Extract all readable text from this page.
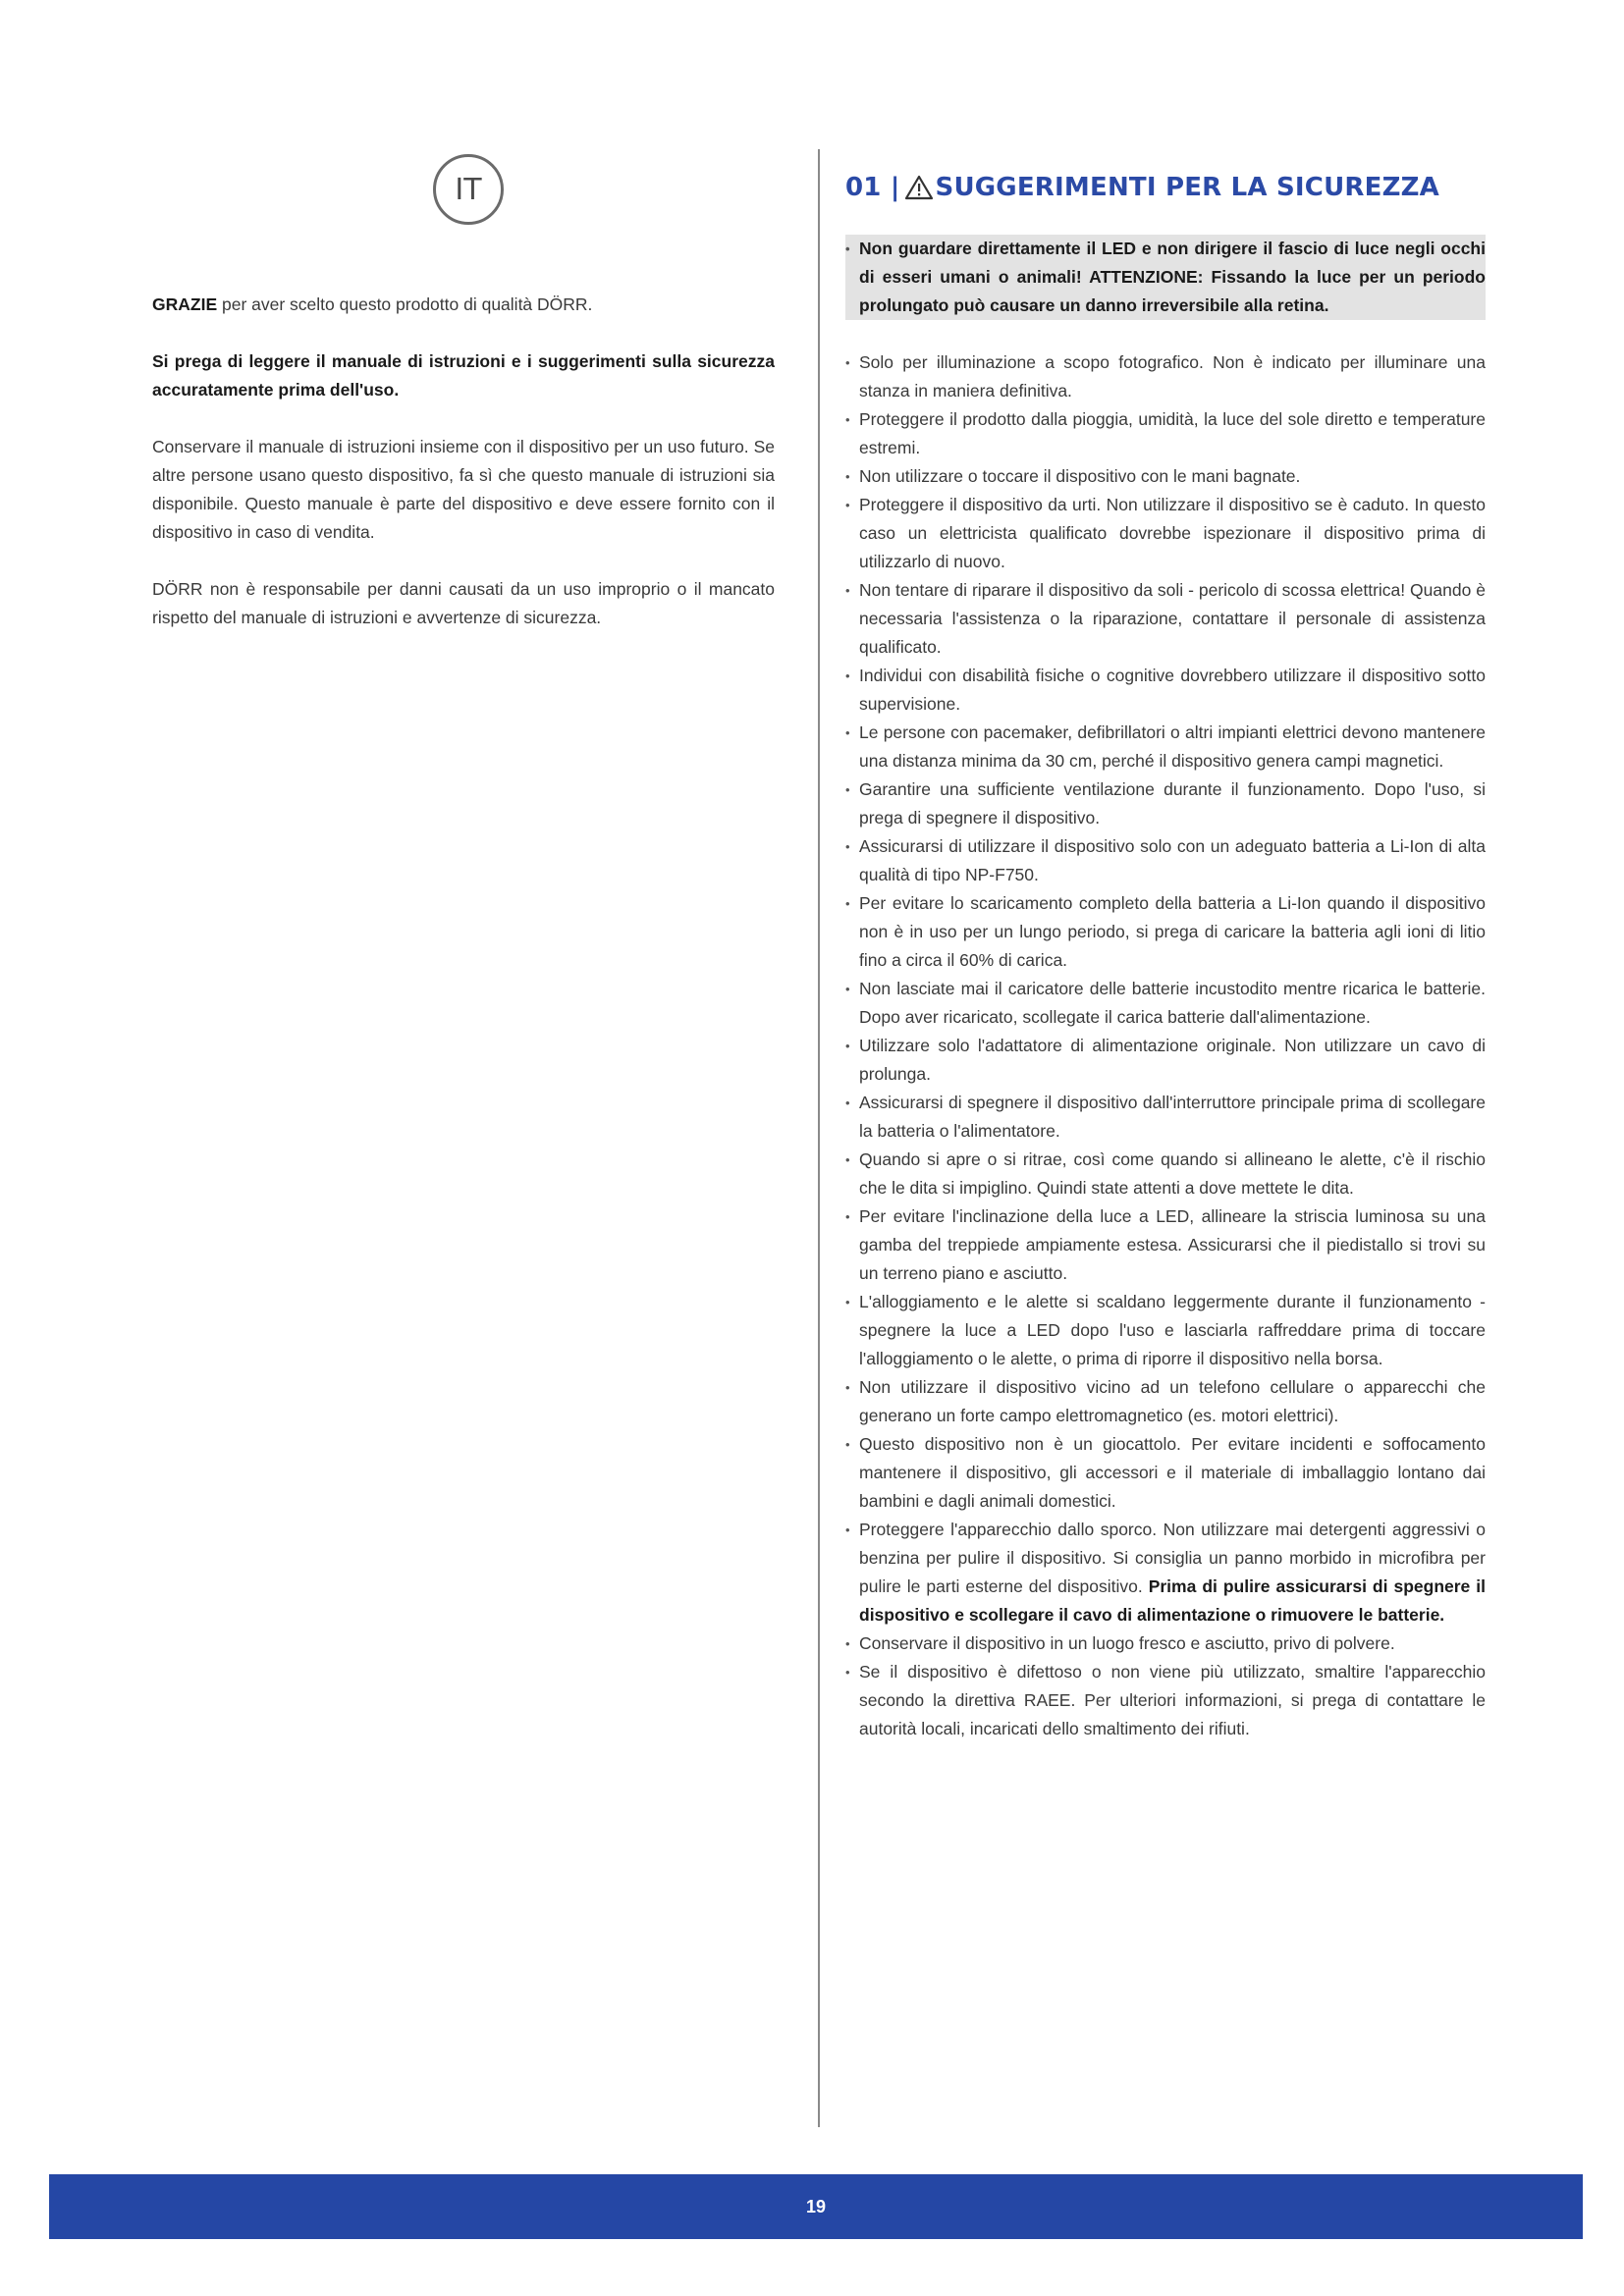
IT

GRAZIE per aver scelto questo prodotto di qualità DÖRR.

Si prega di leggere il manuale di istruzioni e i suggerimenti sulla sicurezza accuratamente prima dell'uso.

Conservare il manuale di istruzioni insieme con il dispositivo per un uso futuro. Se altre persone usano questo dispositivo, fa sì che questo manuale di istruzioni sia disponibile. Questo manuale è parte del dispositivo e deve essere fornito con il dispositivo in caso di vendita.

DÖRR non è responsabile per danni causati da un uso improprio o il mancato rispetto del manuale di istruzioni e avvertenze di sicurezza.

01 | SUGGERIMENTI PER LA SICUREZZA
• Non guardare direttamente il LED e non dirigere il fascio di luce negli occhi di esseri umani o animali! ATTENZIONE: Fissando la luce per un periodo prolungato può causare un danno irreversibile alla retina.
• Solo per illuminazione a scopo fotografico. Non è indicato per illuminare una stanza in maniera definitiva.
• Proteggere il prodotto dalla pioggia, umidità, la luce del sole diretto e temperature estremi.
• Non utilizzare o toccare il dispositivo con le mani bagnate.
• Proteggere il dispositivo da urti. Non utilizzare il dispositivo se è caduto. In questo caso un elettricista qualificato dovrebbe ispezionare il dispositivo prima di utilizzarlo di nuovo.
• Non tentare di riparare il dispositivo da soli - pericolo di scossa elettrica! Quando è necessaria l'assistenza o la riparazione, contattare il personale di assistenza qualificato.
• Individui con disabilità fisiche o cognitive dovrebbero utilizzare il dispositivo sotto supervisione.
• Le persone con pacemaker, defibrillatori o altri impianti elettrici devono mantenere una distanza minima da 30 cm, perché il dispositivo genera campi magnetici.
• Garantire una sufficiente ventilazione durante il funzionamento. Dopo l'uso, si prega di spegnere il dispositivo.
• Assicurarsi di utilizzare il dispositivo solo con un adeguato batteria a Li-Ion di alta qualità di tipo NP-F750.
• Per evitare lo scaricamento completo della batteria a Li-Ion quando il dispositivo non è in uso per un lungo periodo, si prega di caricare la batteria agli ioni di litio fino a circa il 60% di carica.
• Non lasciate mai il caricatore delle batterie incustodito mentre ricarica le batterie. Dopo aver ricaricato, scollegate il carica batterie dall'alimentazione.
• Utilizzare solo l'adattatore di alimentazione originale. Non utilizzare un cavo di prolunga.
• Assicurarsi di spegnere il dispositivo dall'interruttore principale prima di scollegare la batteria o l'alimentatore.
• Quando si apre o si ritrae, così come quando si allineano le alette, c'è il rischio che le dita si impiglino. Quindi state attenti a dove mettete le dita.
• Per evitare l'inclinazione della luce a LED, allineare la striscia luminosa su una gamba del treppiede ampiamente estesa. Assicurarsi che il piedistallo si trovi su un terreno piano e asciutto.
• L'alloggiamento e le alette si scaldano leggermente durante il funzionamento - spegnere la luce a LED dopo l'uso e lasciarla raffreddare prima di toccare l'alloggiamento o le alette, o prima di riporre il dispositivo nella borsa.
• Non utilizzare il dispositivo vicino ad un telefono cellulare o apparecchi che generano un forte campo elettromagnetico (es. motori elettrici).
• Questo dispositivo non è un giocattolo. Per evitare incidenti e soffocamento mantenere il dispositivo, gli accessori e il materiale di imballaggio lontano dai bambini e dagli animali domestici.
• Proteggere l'apparecchio dallo sporco. Non utilizzare mai detergenti aggressivi o benzina per pulire il dispositivo. Si consiglia un panno morbido in microfibra per pulire le parti esterne del dispositivo. Prima di pulire assicurarsi di spegnere il dispositivo e scollegare il cavo di alimentazione o rimuovere le batterie.
• Conservare il dispositivo in un luogo fresco e asciutto, privo di polvere.
• Se il dispositivo è difettoso o non viene più utilizzato, smaltire l'apparecchio secondo la direttiva RAEE. Per ulteriori informazioni, si prega di contattare le autorità locali, incaricati dello smaltimento dei rifiuti.
19
